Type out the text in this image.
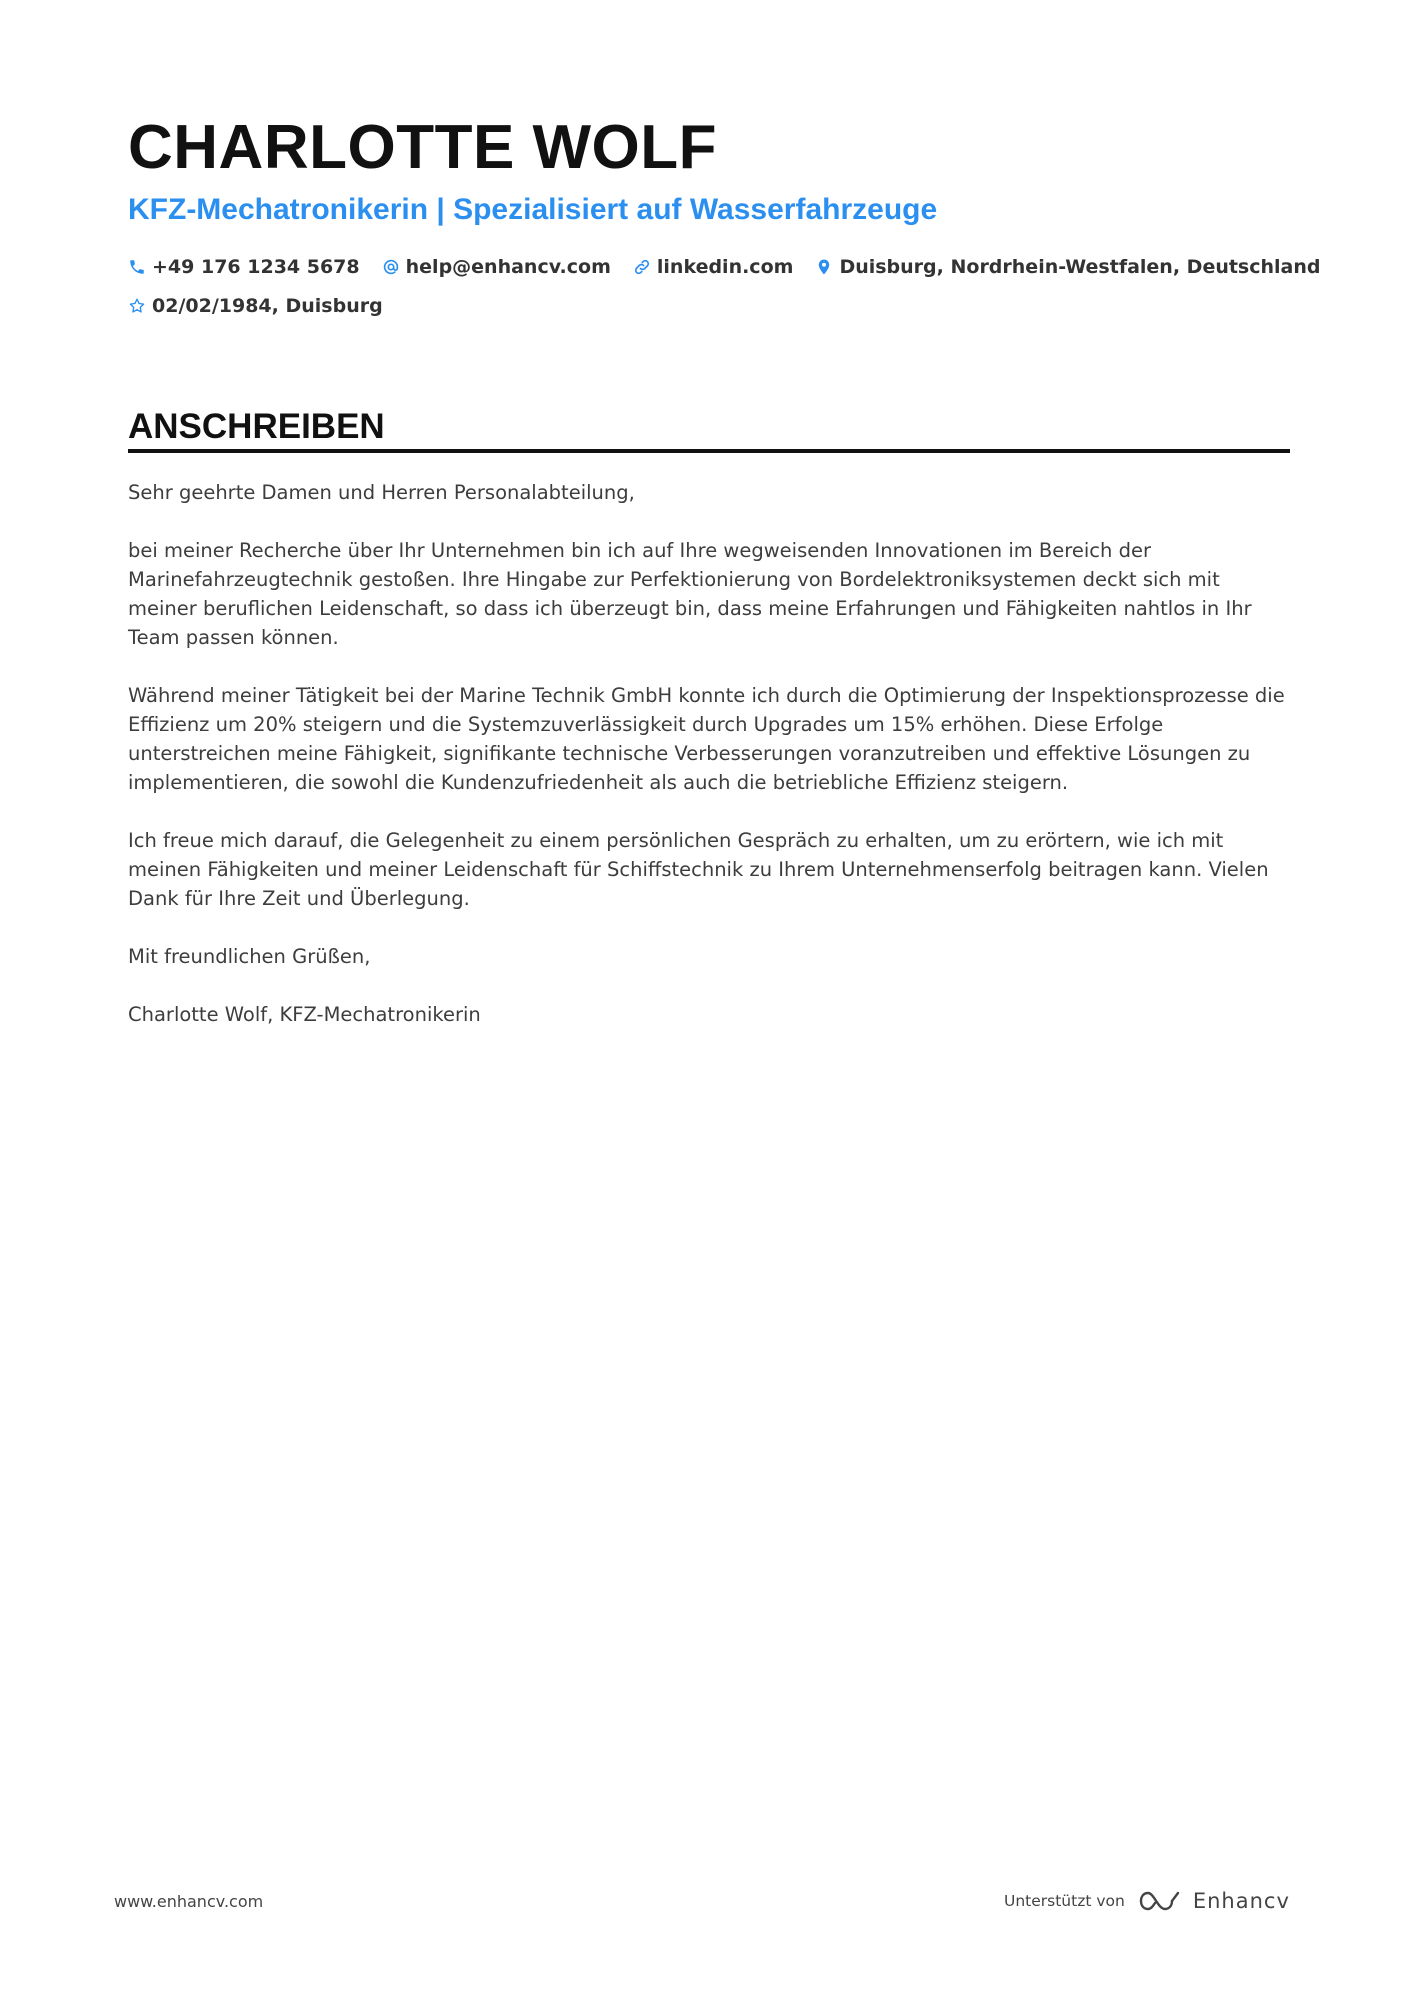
CHARLOTTE WOLF
KFZ-Mechatronikerin | Spezialisiert auf Wasserfahrzeuge
+49 176 1234 5678 help@enhancv.com linkedin.com Duisburg, Nordrhein-Westfalen, Deutschland
02/02/1984, Duisburg
ANSCHREIBEN

Sehr geehrte Damen und Herren Personalabteilung,

bei meiner Recherche über Ihr Unternehmen bin ich auf Ihre wegweisenden Innovationen im Bereich der Marinefahrzeugtechnik gestoßen. Ihre Hingabe zur Perfektionierung von Bordelektroniksystemen deckt sich mit meiner beruflichen Leidenschaft, so dass ich überzeugt bin, dass meine Erfahrungen und Fähigkeiten nahtlos in Ihr Team passen können.

Während meiner Tätigkeit bei der Marine Technik GmbH konnte ich durch die Optimierung der Inspektionsprozesse die Effizienz um 20% steigern und die Systemzuverlässigkeit durch Upgrades um 15% erhöhen. Diese Erfolge unterstreichen meine Fähigkeit, signifikante technische Verbesserungen voranzutreiben und effektive Lösungen zu implementieren, die sowohl die Kundenzufriedenheit als auch die betriebliche Effizienz steigern.

Ich freue mich darauf, die Gelegenheit zu einem persönlichen Gespräch zu erhalten, um zu erörtern, wie ich mit meinen Fähigkeiten und meiner Leidenschaft für Schiffstechnik zu Ihrem Unternehmenserfolg beitragen kann. Vielen Dank für Ihre Zeit und Überlegung.

Mit freundlichen Grüßen,

Charlotte Wolf, KFZ-Mechatronikerin

www.enhancv.com	Unterstützt von	Enhancv
